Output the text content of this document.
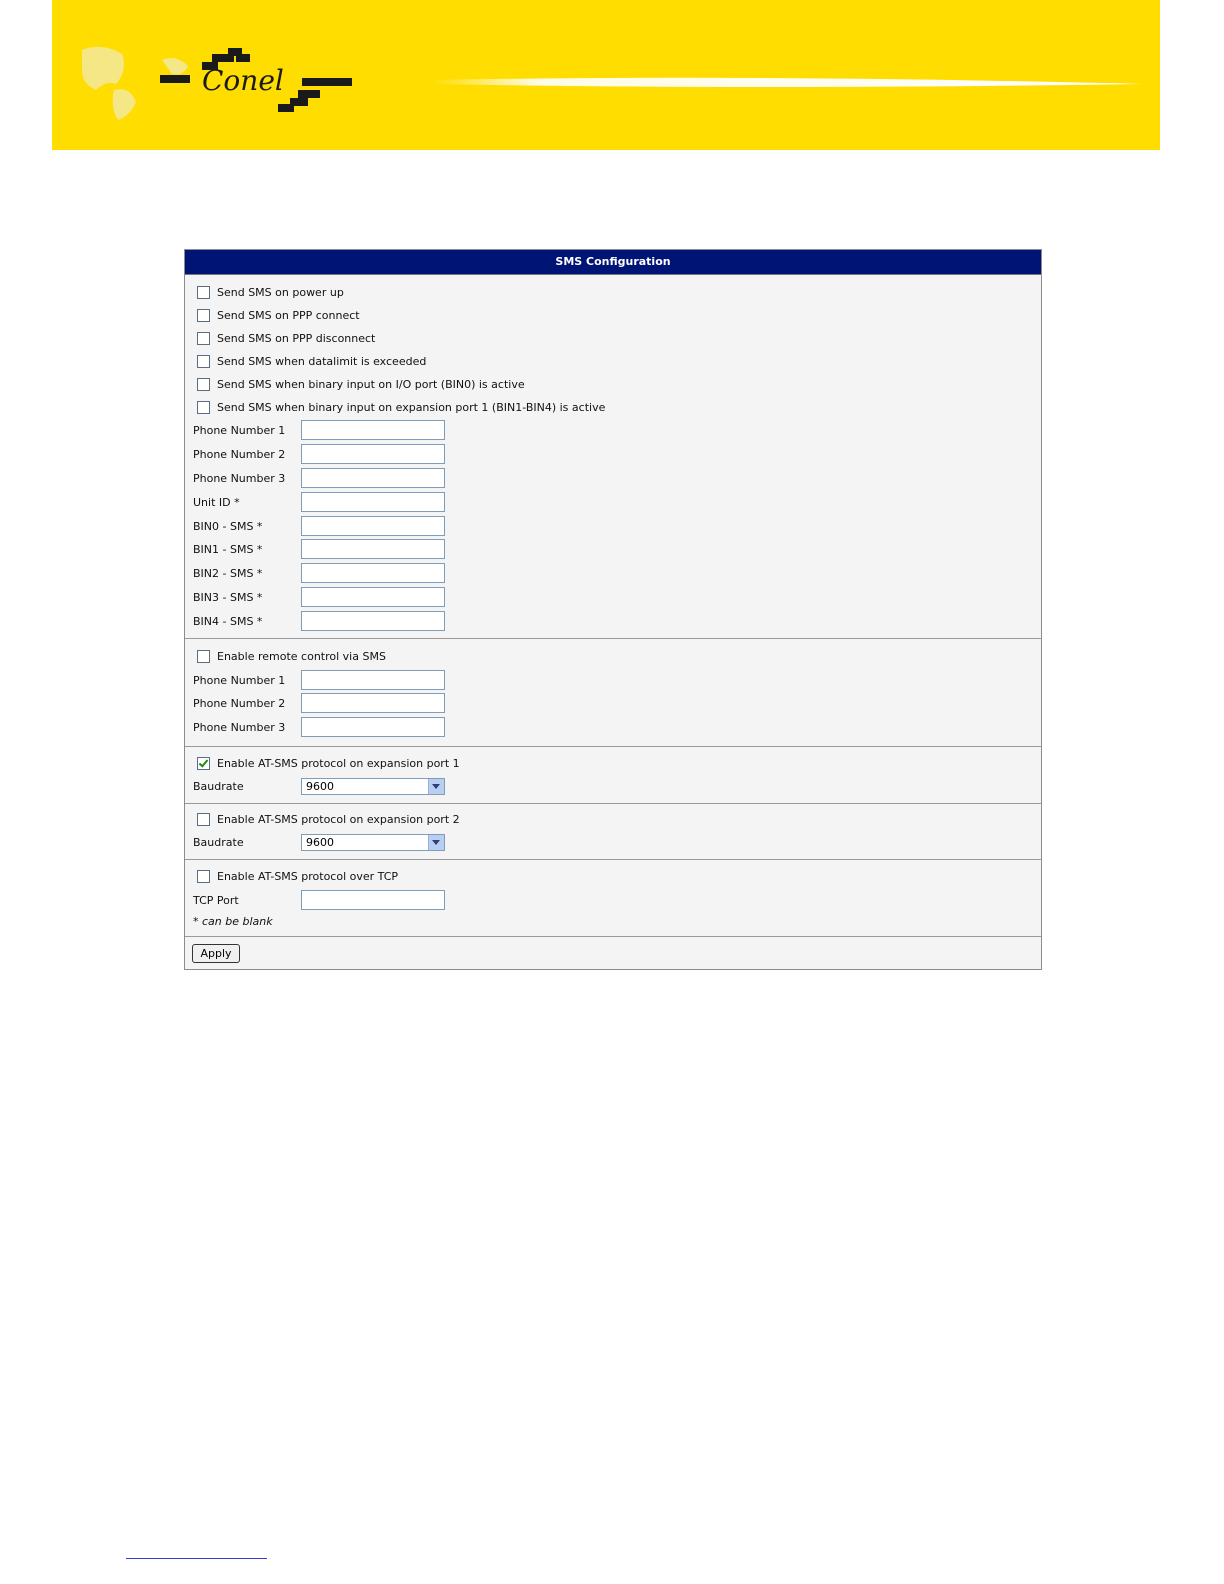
Conel
SMS Configuration
Send SMS on power up
Send SMS on PPP connect
Send SMS on PPP disconnect
Send SMS when datalimit is exceeded
Send SMS when binary input on I/O port (BIN0) is active
Send SMS when binary input on expansion port 1 (BIN1-BIN4) is active
Phone Number 1
Phone Number 2
Phone Number 3
Unit ID *
BIN0 - SMS *
BIN1 - SMS *
BIN2 - SMS *
BIN3 - SMS *
BIN4 - SMS *
Enable remote control via SMS
Phone Number 1
Phone Number 2
Phone Number 3
Enable AT-SMS protocol on expansion port 1
Baudrate	9600
Enable AT-SMS protocol on expansion port 2
Baudrate	9600
Enable AT-SMS protocol over TCP
TCP Port
* can be blank
Apply
